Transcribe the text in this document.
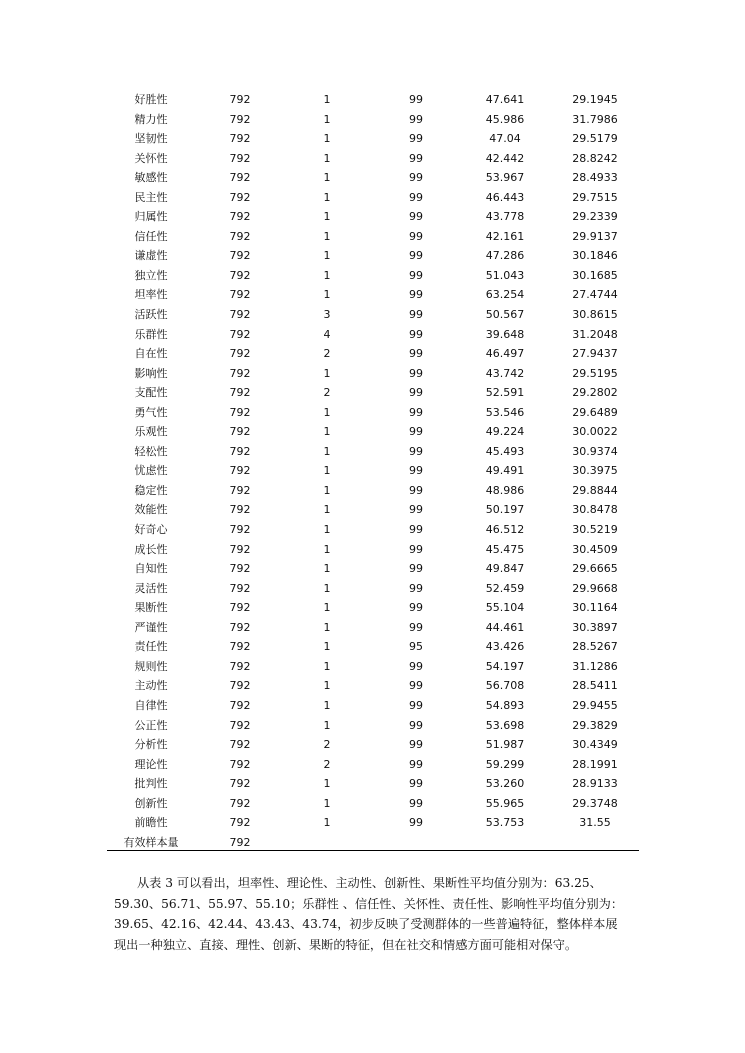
好胜性	792	1	99	47.641	29.1945
精力性	792	1	99	45.986	31.7986
坚韧性	792	1	99	47.04	29.5179
关怀性	792	1	99	42.442	28.8242
敏感性	792	1	99	53.967	28.4933
民主性	792	1	99	46.443	29.7515
归属性	792	1	99	43.778	29.2339
信任性	792	1	99	42.161	29.9137
谦虚性	792	1	99	47.286	30.1846
独立性	792	1	99	51.043	30.1685
坦率性	792	1	99	63.254	27.4744
活跃性	792	3	99	50.567	30.8615
乐群性	792	4	99	39.648	31.2048
自在性	792	2	99	46.497	27.9437
影响性	792	1	99	43.742	29.5195
支配性	792	2	99	52.591	29.2802
勇气性	792	1	99	53.546	29.6489
乐观性	792	1	99	49.224	30.0022
轻松性	792	1	99	45.493	30.9374
忧虑性	792	1	99	49.491	30.3975
稳定性	792	1	99	48.986	29.8844
效能性	792	1	99	50.197	30.8478
好奇心	792	1	99	46.512	30.5219
成长性	792	1	99	45.475	30.4509
自知性	792	1	99	49.847	29.6665
灵活性	792	1	99	52.459	29.9668
果断性	792	1	99	55.104	30.1164
严谨性	792	1	99	44.461	30.3897
责任性	792	1	95	43.426	28.5267
规则性	792	1	99	54.197	31.1286
主动性	792	1	99	56.708	28.5411
自律性	792	1	99	54.893	29.9455
公正性	792	1	99	53.698	29.3829
分析性	792	2	99	51.987	30.4349
理论性	792	2	99	59.299	28.1991
批判性	792	1	99	53.260	28.9133
创新性	792	1	99	55.965	29.3748
前瞻性	792	1	99	53.753	31.55
有效样本量	792

从表 3 可以看出，坦率性、理论性、主动性、创新性、果断性平均值分别为：63.25、
59.30、56.71、55.97、55.10；乐群性 、信任性、关怀性、责任性、影响性平均值分别为：
39.65、42.16、42.44、43.43、43.74，初步反映了受测群体的一些普遍特征，整体样本展
现出一种独立、直接、理性、创新、果断的特征，但在社交和情感方面可能相对保守。
